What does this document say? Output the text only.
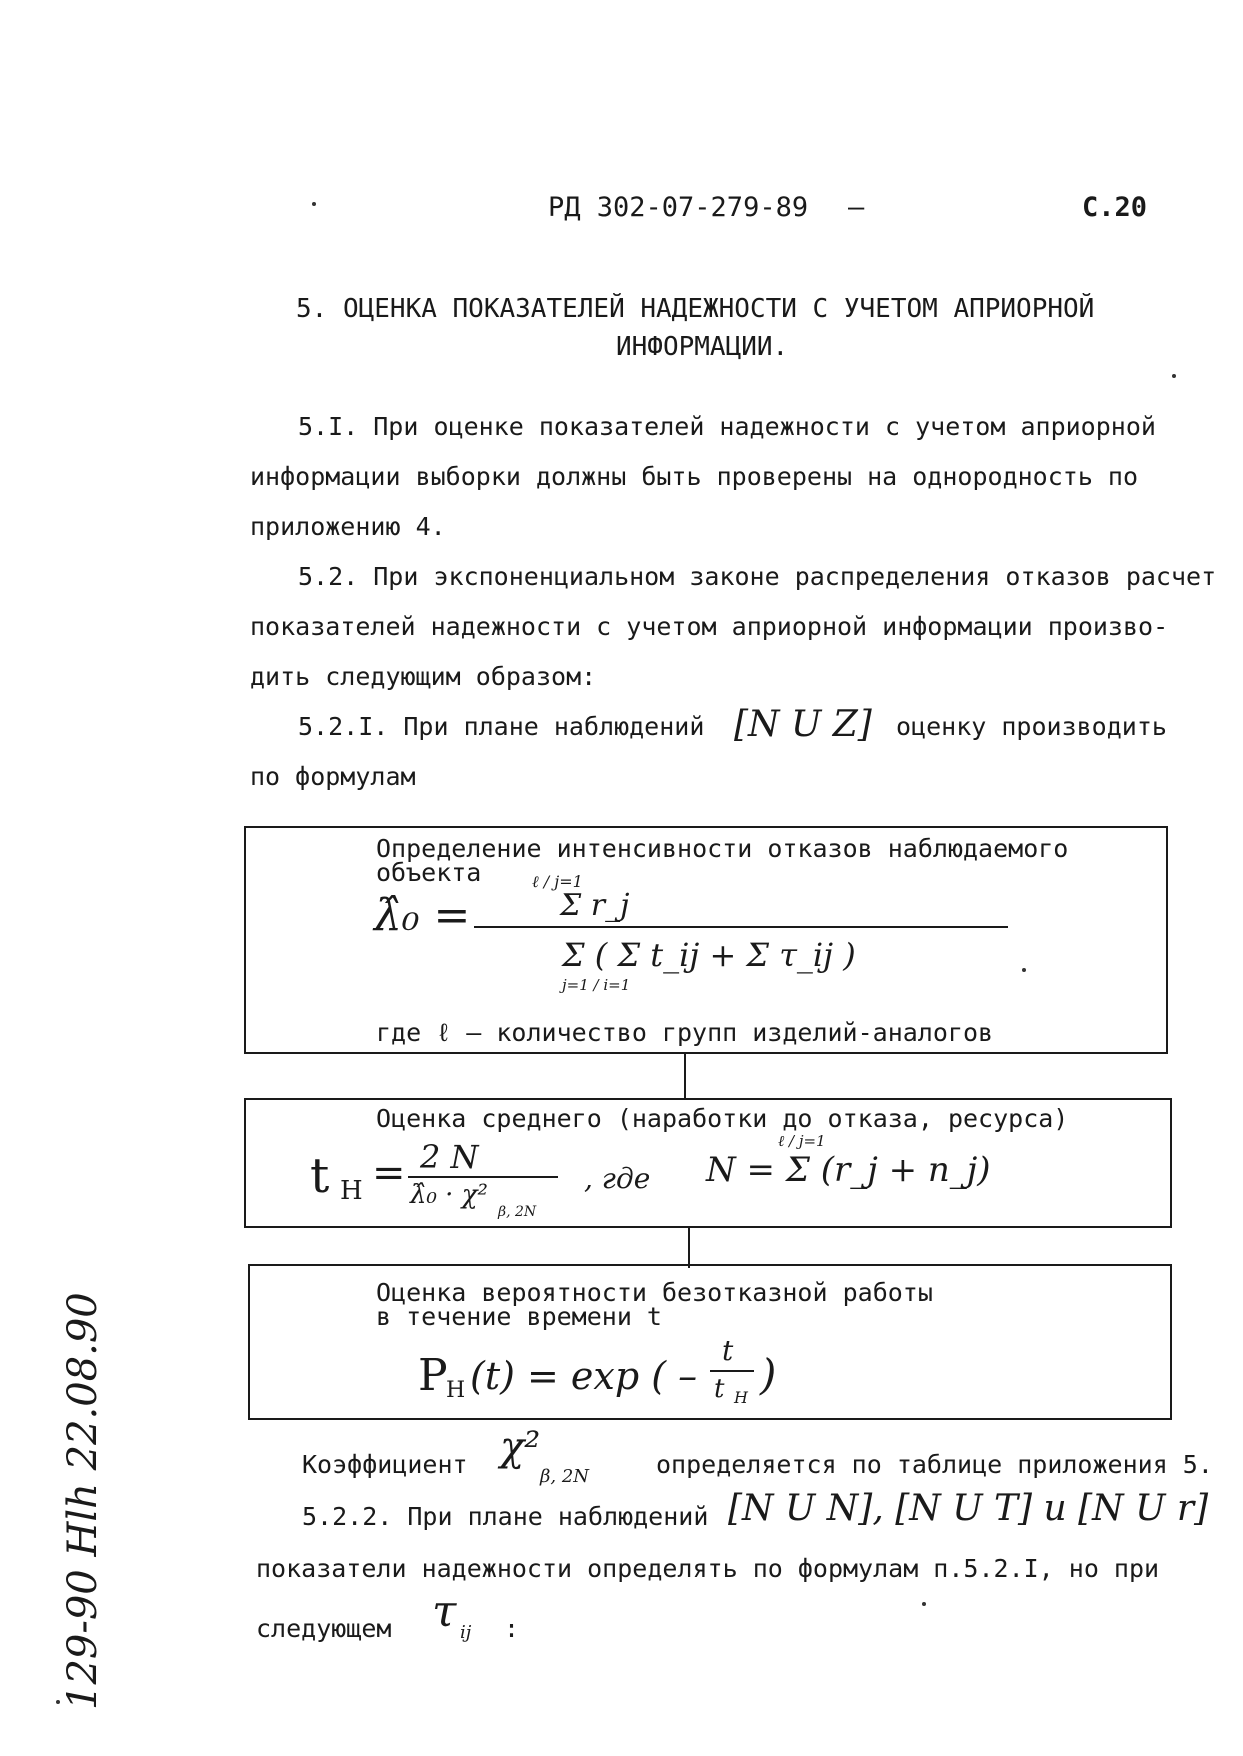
РД 302-07-279-89 –	С.20
5. ОЦЕНКА ПОКАЗАТЕЛЕЙ НАДЕЖНОСТИ С УЧЕТОМ АПРИОРНОЙ
ИНФОРМАЦИИ.
5.I. При оценке показателей надежности с учетом априорной
информации выборки должны быть проверены на однородность по
приложению 4.
5.2. При экспоненциальном законе распределения отказов расчет
показателей надежности с учетом априорной информации произво-
дить следующим образом:
5.2.I. При плане наблюдений [N U Z] оценку производить
по формулам
Определение интенсивности отказов наблюдаемого
объекта
λ̂₀ =
ℓ / j=1
Σ r_j
Σ ( Σ t_ij + Σ τ_ij )
j=1 / i=1
где ℓ – количество групп изделий-аналогов
Оценка среднего (наработки до отказа, ресурса)
t H = 2 N
λ̂₀ · χ²
β, 2N
, где N = Σ (r_j + n_j)
ℓ / j=1
Оценка вероятности безотказной работы
в течение времени t
P
H (t) = exp ( –
t
t H )
Коэффициент χ²
β, 2N	определяется по таблице приложения 5.
5.2.2. При плане наблюдений [N U N], [N U T] и [N U r]
показатели надежности определять по формулам п.5.2.I, но при
следующем τ ij :
129-90 Hlh 22.08.90
